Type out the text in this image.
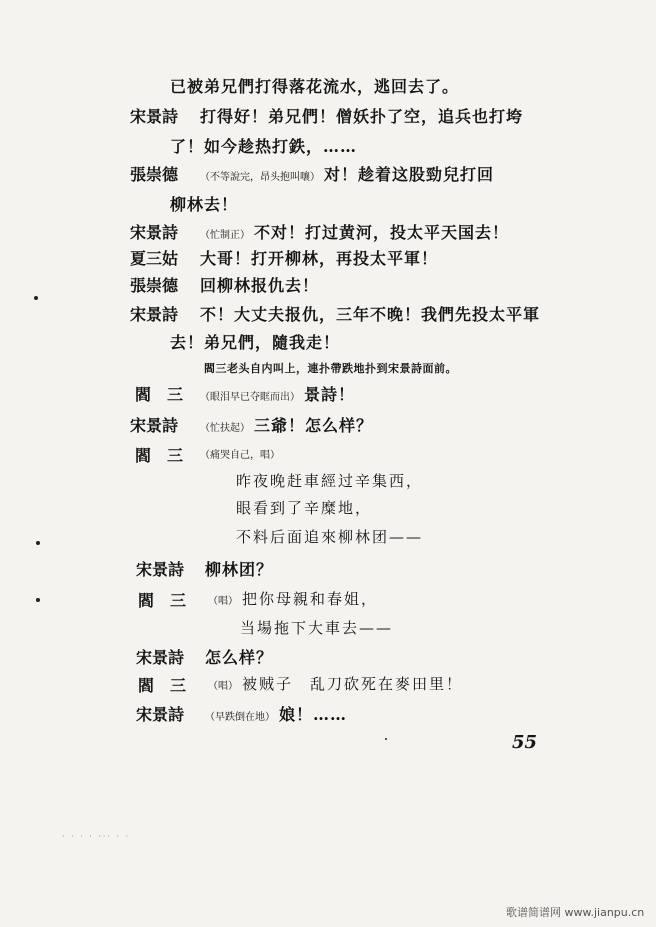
已被弟兄們打得落花流水，逃回去了。
宋景詩 打得好！弟兄們！僧妖扑了空，追兵也打垮
了！如今趁热打鉄，……
張崇德 （不等說完，昂头抱叫嚷） 对！趁着这股勁兒打回
柳林去！
宋景詩 （忙制正） 不对！打过黄河，投太平天国去！
夏三姑 大哥！打开柳林，再投太平軍！
張崇德 回柳林报仇去！
宋景詩 不！大丈夫报仇，三年不晚！我們先投太平軍
去！弟兄們，隨我走！
閻三老头自内叫上，連扑帶跌地扑到宋景詩面前。
閻　三 （眼泪早已夺眶而出） 景詩！
宋景詩 （忙扶起） 三爺！怎么样？
閻　三 （痛哭自己，唱）
昨夜晚赶車經过辛集西，
眼看到了辛糜地，
不料后面追來柳林团——
宋景詩 柳林团？
閻　三 （唱） 把你母親和春姐，
当場拖下大車去——
宋景詩 怎么样？
閻　三 （唱） 被贼子　乱刀砍死在麥田里！
宋景詩 （早跌倒在地） 娘！……
55
· · · · ··· · ·
歌谱简谱网 www.jianpu.cn
